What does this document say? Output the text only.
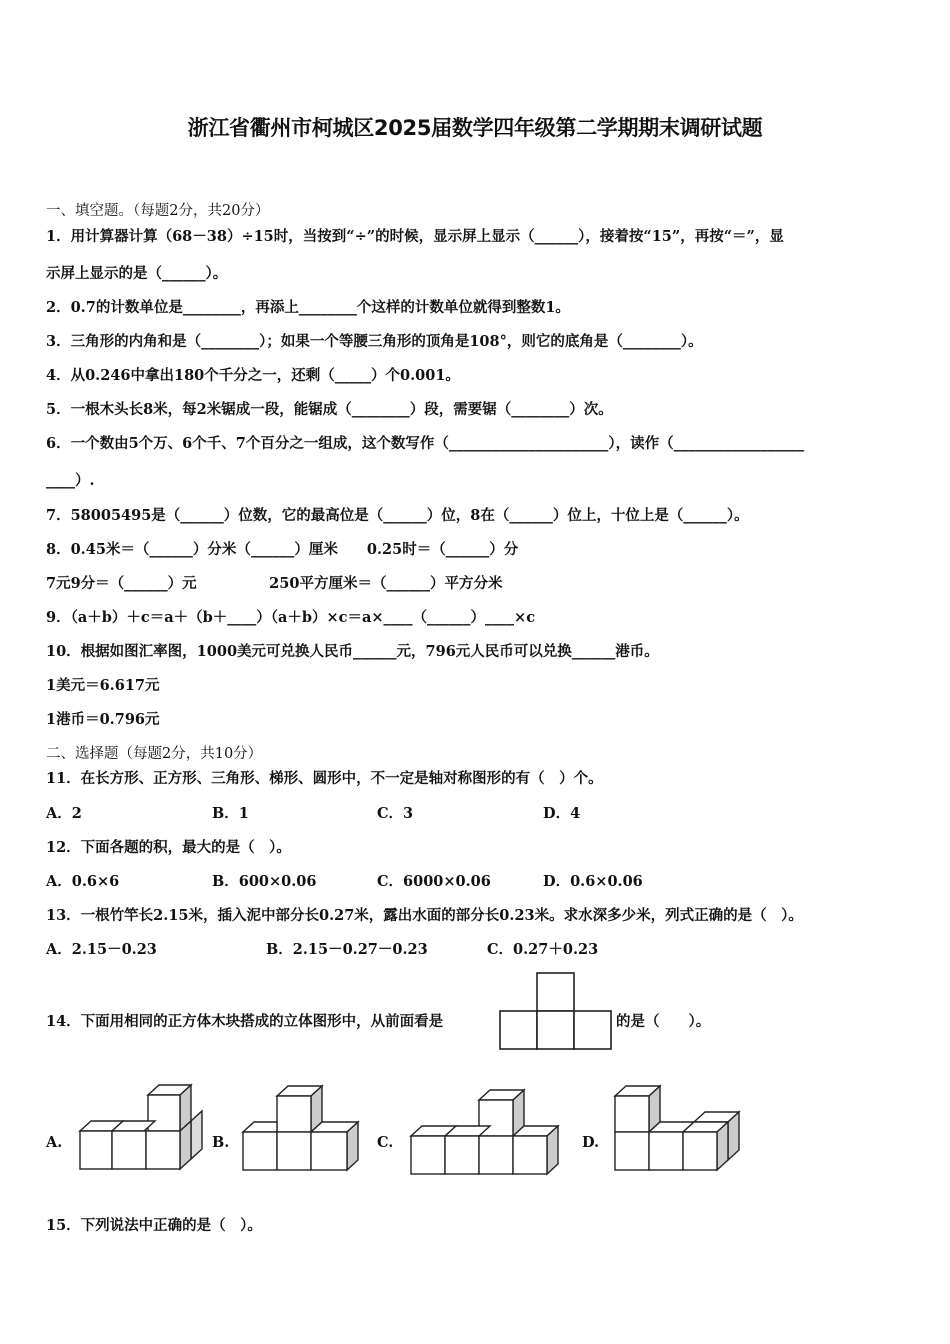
浙江省衢州市柯城区2025届数学四年级第二学期期末调研试题
一、填空题。（每题2分，共20分）
1．用计算器计算（68－38）÷15时，当按到“÷”的时候，显示屏上显示（______），接着按“15”，再按“＝”，显
示屏上显示的是（______）。
2．0.7的计数单位是________，再添上________个这样的计数单位就得到整数1。
3．三角形的内角和是（________）；如果一个等腰三角形的顶角是108°，则它的底角是（________）。
4．从0.246中拿出180个千分之一，还剩（_____）个0.001。
5．一根木头长8米，每2米锯成一段，能锯成（________）段，需要锯（________）次。
6．一个数由5个万、6个千、7个百分之一组成，这个数写作（______________________），读作（__________________
____）.
7．58005495是（______）位数，它的最高位是（______）位，8在（______）位上，十位上是（______）。
8．0.45米＝（______）分米（______）厘米　　0.25时＝（______）分
7元9分＝（______）元　　　　　250平方厘米＝（______）平方分米
9．（a＋b）＋c＝a＋（b＋____）（a＋b）×c＝a×____（______）____×c
10．根据如图汇率图，1000美元可兑换人民币______元，796元人民币可以兑换______港币。
1美元＝6.617元
1港币＝0.796元
二、选择题（每题2分，共10分）
11．在长方形、正方形、三角形、梯形、圆形中，不一定是轴对称图形的有（　）个。
A．2	B．1	C．3	D．4
12．下面各题的积，最大的是（　）。
A．0.6×6	B．600×0.06	C．6000×0.06	D．0.6×0.06
13．一根竹竿长2.15米，插入泥中部分长0.27米，露出水面的部分长0.23米。求水深多少米，列式正确的是（　）。
A．2.15－0.23	B．2.15－0.27－0.23	C．0.27＋0.23
14．下面用相同的正方体木块搭成的立体图形中，从前面看是	的是（　　）。
A.	B.	C.	D.
15．下列说法中正确的是（　）。
